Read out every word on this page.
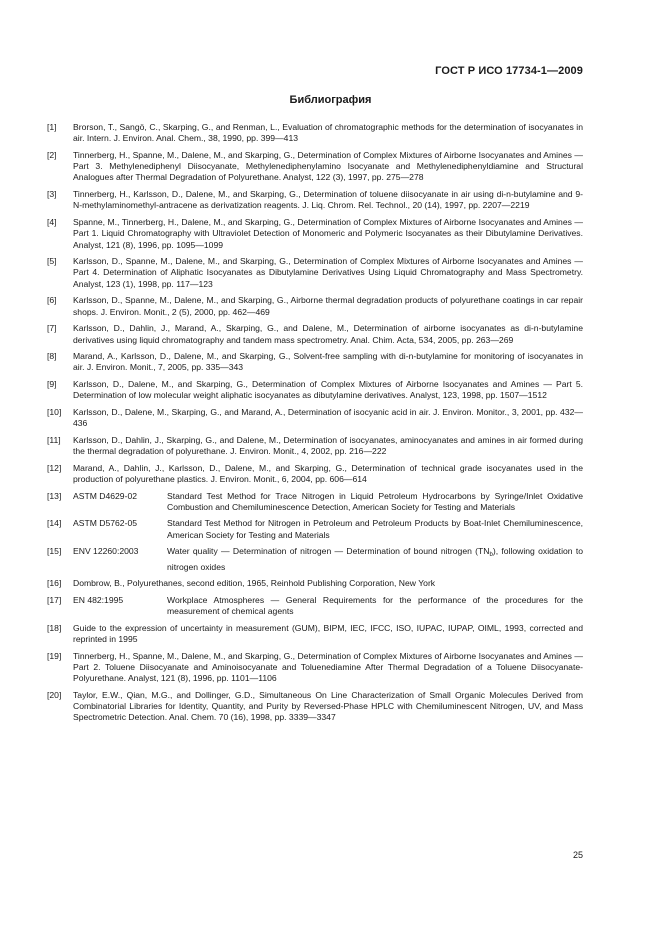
ГОСТ Р ИСО 17734-1—2009
Библиография
[1] Brorson, T., Sangö, C., Skarping, G., and Renman, L., Evaluation of chromatographic methods for the determination of isocyanates in air. Intern. J. Environ. Anal. Chem., 38, 1990, pp. 399—413
[2] Tinnerberg, H., Spanne, M., Dalene, M., and Skarping, G., Determination of Complex Mixtures of Airborne Isocyanates and Amines — Part 3. Methylenediphenyl Diisocyanate, Methylenediphenylamino Isocyanate and Methylenediphenyldiamine and Structural Analogues after Thermal Degradation of Polyurethane. Analyst, 122 (3), 1997, pp. 275—278
[3] Tinnerberg, H., Karlsson, D., Dalene, M., and Skarping, G., Determination of toluene diisocyanate in air using di-n-butylamine and 9-N-methylaminomethyl-antracene as derivatization reagents. J. Liq. Chrom. Rel. Technol., 20 (14), 1997, pp. 2207—2219
[4] Spanne, M., Tinnerberg, H., Dalene, M., and Skarping, G., Determination of Complex Mixtures of Airborne Isocyanates and Amines — Part 1. Liquid Chromatography with Ultraviolet Detection of Monomeric and Polymeric Isocyanates as their Dibutylamine Derivatives. Analyst, 121 (8), 1996, pp. 1095—1099
[5] Karlsson, D., Spanne, M., Dalene, M., and Skarping, G., Determination of Complex Mixtures of Airborne Isocyanates and Amines — Part 4. Determination of Aliphatic Isocyanates as Dibutylamine Derivatives Using Liquid Chromatography and Mass Spectrometry. Analyst, 123 (1), 1998, pp. 117—123
[6] Karlsson, D., Spanne, M., Dalene, M., and Skarping, G., Airborne thermal degradation products of polyurethane coatings in car repair shops. J. Environ. Monit., 2 (5), 2000, pp. 462—469
[7] Karlsson, D., Dahlin, J., Marand, A., Skarping, G., and Dalene, M., Determination of airborne isocyanates as di-n-butylamine derivatives using liquid chromatography and tandem mass spectrometry. Anal. Chim. Acta, 534, 2005, pp. 263—269
[8] Marand, A., Karlsson, D., Dalene, M., and Skarping, G., Solvent-free sampling with di-n-butylamine for monitoring of isocyanates in air. J. Environ. Monit., 7, 2005, pp. 335—343
[9] Karlsson, D., Dalene, M., and Skarping, G., Determination of Complex Mixtures of Airborne Isocyanates and Amines — Part 5. Determination of low molecular weight aliphatic isocyanates as dibutylamine derivatives. Analyst, 123, 1998, pp. 1507—1512
[10] Karlsson, D., Dalene, M., Skarping, G., and Marand, A., Determination of isocyanic acid in air. J. Environ. Monitor., 3, 2001, pp. 432—436
[11] Karlsson, D., Dahlin, J., Skarping, G., and Dalene, M., Determination of isocyanates, aminocyanates and amines in air formed during the thermal degradation of polyurethane. J. Environ. Monit., 4, 2002, pp. 216—222
[12] Marand, A., Dahlin, J., Karlsson, D., Dalene, M., and Skarping, G., Determination of technical grade isocyanates used in the production of polyurethane plastics. J. Environ. Monit., 6, 2004, pp. 606—614
[13] ASTM D4629-02	Standard Test Method for Trace Nitrogen in Liquid Petroleum Hydrocarbons by Syringe/Inlet Oxidative Combustion and Chemiluminescence Detection, American Society for Testing and Materials
[14] ASTM D5762-05	Standard Test Method for Nitrogen in Petroleum and Petroleum Products by Boat-Inlet Chemiluminescence, American Society for Testing and Materials
[15] ENV 12260:2003	Water quality — Determination of nitrogen — Determination of bound nitrogen $(TN_b)$, following oxidation to nitrogen oxides
[16] Dombrow, B., Polyurethanes, second edition, 1965, Reinhold Publishing Corporation, New York
[17] EN 482:1995	Workplace Atmospheres — General Requirements for the performance of the procedures for the measurement of chemical agents
[18] Guide to the expression of uncertainty in measurement (GUM), BIPM, IEC, IFCC, ISO, IUPAC, IUPAP, OIML, 1993, corrected and reprinted in 1995
[19] Tinnerberg, H., Spanne, M., Dalene, M., and Skarping, G., Determination of Complex Mixtures of Airborne Isocyanates and Amines — Part 2. Toluene Diisocyanate and Aminoisocyanate and Toluenediamine After Thermal Degradation of a Toluene Diisocyanate-Polyurethane. Analyst, 121 (8), 1996, pp. 1101—1106
[20] Taylor, E.W., Qian, M.G., and Dollinger, G.D., Simultaneous On Line Characterization of Small Organic Molecules Derived from Combinatorial Libraries for Identity, Quantity, and Purity by Reversed-Phase HPLC with Chemiluminescent Nitrogen, UV, and Mass Spectrometric Detection. Anal. Chem. 70 (16), 1998, pp. 3339—3347
25
